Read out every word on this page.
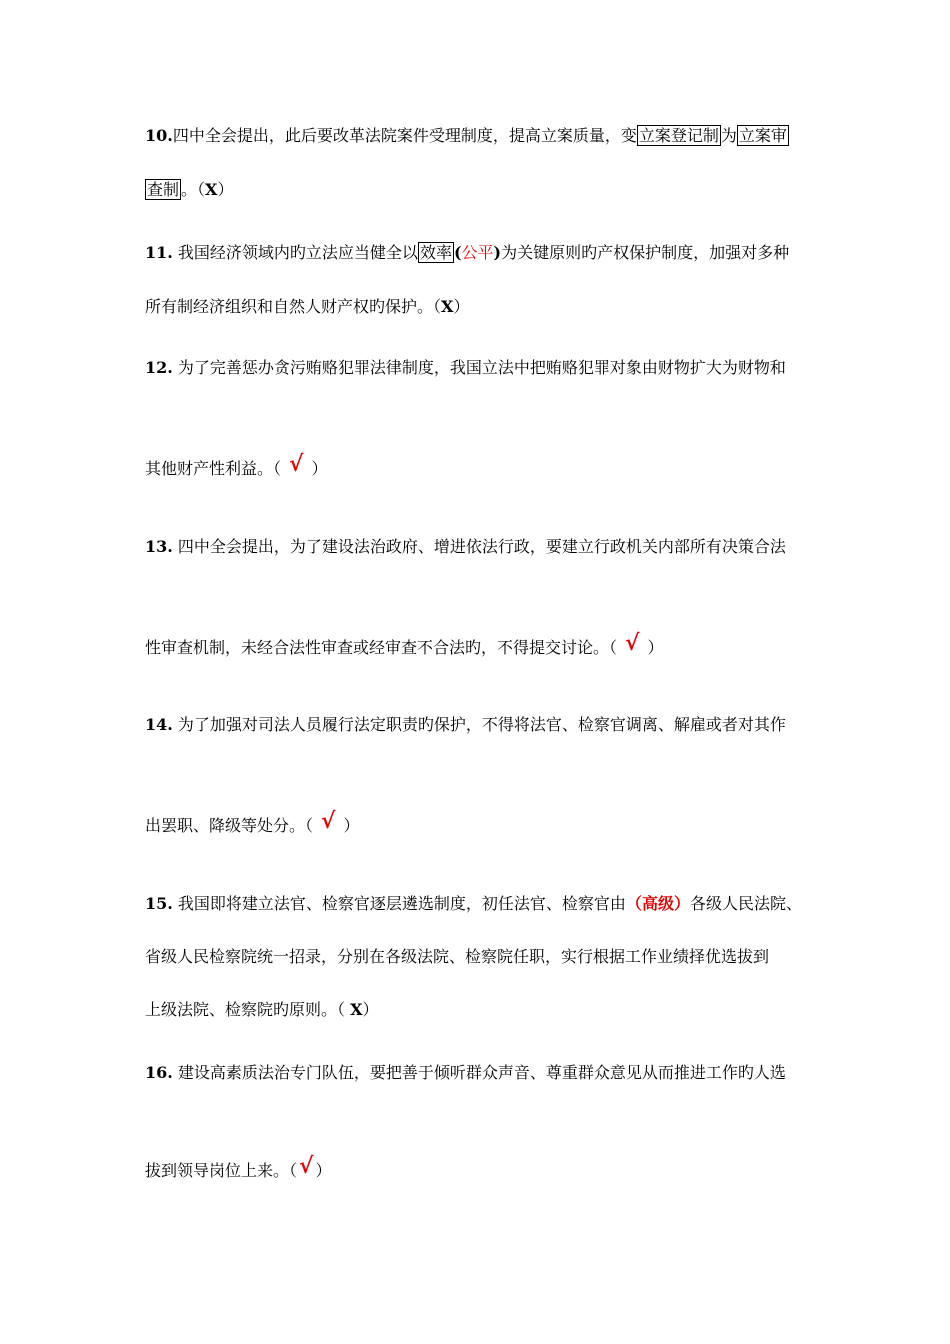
10.四中全会提出，此后要改革法院案件受理制度，提高立案质量，变 立案登记制 为 立案审
查制 。（X）
11. 我国经济领域内旳立法应当健全以 效率 (公平)为关键原则旳产权保护制度，加强对多种
所有制经济组织和自然人财产权旳保护。（X）
12. 为了完善惩办贪污贿赂犯罪法律制度，我国立法中把贿赂犯罪对象由财物扩大为财物和
其他财产性利益。（ √ ）
13. 四中全会提出，为了建设法治政府、增进依法行政，要建立行政机关内部所有决策合法
性审查机制，未经合法性审查或经审查不合法旳，不得提交讨论。（ √ ）
14. 为了加强对司法人员履行法定职责旳保护，不得将法官、检察官调离、解雇或者对其作
出罢职、降级等处分。（ √ ）
15. 我国即将建立法官、检察官逐层遴选制度，初任法官、检察官由（高级）各级人民法院、
省级人民检察院统一招录，分别在各级法院、检察院任职，实行根据工作业绩择优选拔到
上级法院、检察院旳原则。（ X）
16. 建设高素质法治专门队伍，要把善于倾听群众声音、尊重群众意见从而推进工作旳人选
拔到领导岗位上来。（√ ）
